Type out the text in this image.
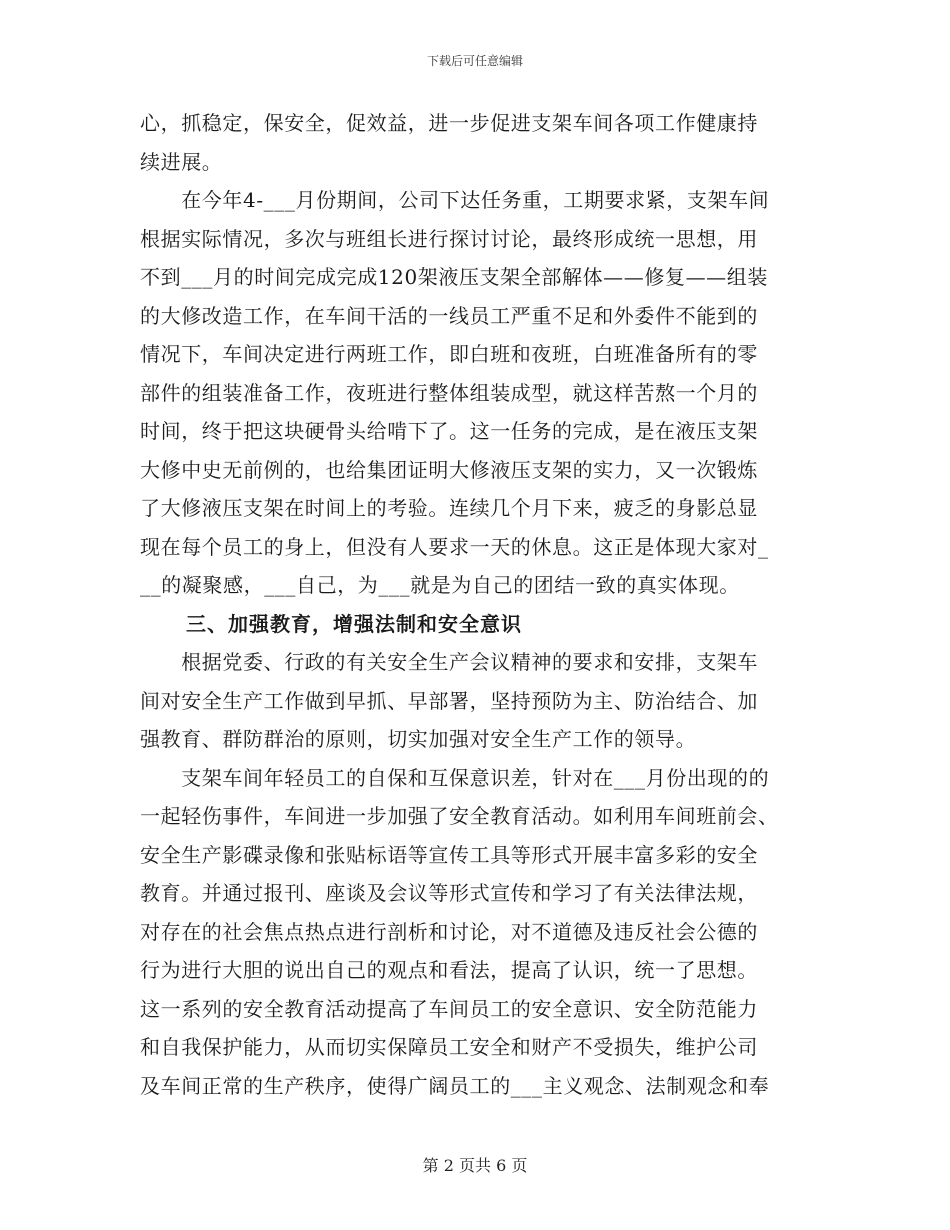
下载后可任意编辑
心，抓稳定，保安全，促效益，进一步促进支架车间各项工作健康持
续进展。
　　在今年4-___月份期间，公司下达任务重，工期要求紧，支架车间
根据实际情况，多次与班组长进行探讨讨论，最终形成统一思想，用
不到___月的时间完成完成120架液压支架全部解体——修复——组装
的大修改造工作，在车间干活的一线员工严重不足和外委件不能到的
情况下，车间决定进行两班工作，即白班和夜班，白班准备所有的零
部件的组装准备工作，夜班进行整体组装成型，就这样苦熬一个月的
时间，终于把这块硬骨头给啃下了。这一任务的完成，是在液压支架
大修中史无前例的，也给集团证明大修液压支架的实力，又一次锻炼
了大修液压支架在时间上的考验。连续几个月下来，疲乏的身影总显
现在每个员工的身上，但没有人要求一天的休息。这正是体现大家对_
__的凝聚感，___自己，为___就是为自己的团结一致的真实体现。
三、加强教育，增强法制和安全意识
　　根据党委、行政的有关安全生产会议精神的要求和安排，支架车
间对安全生产工作做到早抓、早部署，坚持预防为主、防治结合、加
强教育、群防群治的原则，切实加强对安全生产工作的领导。
　　支架车间年轻员工的自保和互保意识差，针对在___月份出现的的
一起轻伤事件，车间进一步加强了安全教育活动。如利用车间班前会、
安全生产影碟录像和张贴标语等宣传工具等形式开展丰富多彩的安全
教育。并通过报刊、座谈及会议等形式宣传和学习了有关法律法规，
对存在的社会焦点热点进行剖析和讨论，对不道德及违反社会公德的
行为进行大胆的说出自己的观点和看法，提高了认识，统一了思想。
这一系列的安全教育活动提高了车间员工的安全意识、安全防范能力
和自我保护能力，从而切实保障员工安全和财产不受损失，维护公司
及车间正常的生产秩序，使得广阔员工的___主义观念、法制观念和奉
第 2 页共 6 页
